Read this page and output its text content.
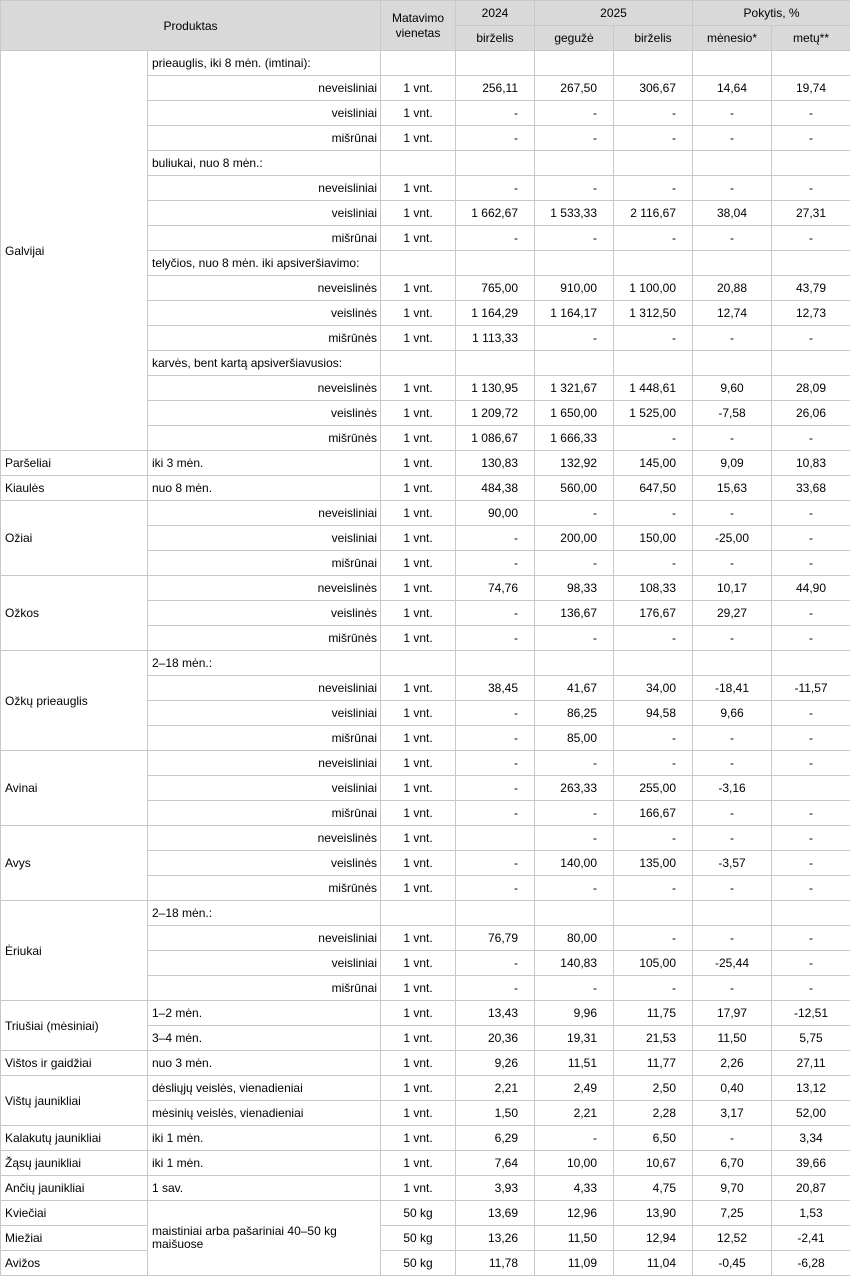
Produktas		Matavimo vienetas	2024	2025		Pokytis, %	
			birželis	gegužė	birželis	mėnesio*	metų**
Galvijai	prieauglis, iki 8 mėn. (imtinai):						
	neveisliniai	1 vnt.	256,11	267,50	306,67	14,64	19,74
	veisliniai	1 vnt.	-	-	-	-	-
	mišrūnai	1 vnt.	-	-	-	-	-
	buliukai, nuo 8 mėn.:						
	neveisliniai	1 vnt.	-	-	-	-	-
	veisliniai	1 vnt.	1 662,67	1 533,33	2 116,67	38,04	27,31
	mišrūnai	1 vnt.	-	-	-	-	-
	telyčios, nuo 8 mėn. iki apsiveršiavimo:						
	neveislinės	1 vnt.	765,00	910,00	1 100,00	20,88	43,79
	veislinės	1 vnt.	1 164,29	1 164,17	1 312,50	12,74	12,73
	mišrūnės	1 vnt.	1 113,33	-	-	-	-
	karvės, bent kartą apsiveršiavusios:						
	neveislinės	1 vnt.	1 130,95	1 321,67	1 448,61	9,60	28,09
	veislinės	1 vnt.	1 209,72	1 650,00	1 525,00	-7,58	26,06
	mišrūnės	1 vnt.	1 086,67	1 666,33	-	-	-
Paršeliai	iki 3 mėn.	1 vnt.	130,83	132,92	145,00	9,09	10,83
Kiaulės	nuo 8 mėn.	1 vnt.	484,38	560,00	647,50	15,63	33,68
Ožiai	neveisliniai	1 vnt.	90,00	-	-	-	-
	veisliniai	1 vnt.	-	200,00	150,00	-25,00	-
	mišrūnai	1 vnt.	-	-	-	-	-
Ožkos	neveislinės	1 vnt.	74,76	98,33	108,33	10,17	44,90
	veislinės	1 vnt.	-	136,67	176,67	29,27	-
	mišrūnės	1 vnt.	-	-	-	-	-
Ožkų prieauglis	2–18 mėn.:						
	neveisliniai	1 vnt.	38,45	41,67	34,00	-18,41	-11,57
	veisliniai	1 vnt.	-	86,25	94,58	9,66	-
	mišrūnai	1 vnt.	-	85,00	-	-	-
Avinai	neveisliniai	1 vnt.	-	-	-	-	-
	veisliniai	1 vnt.	-	263,33	255,00	-3,16	
	mišrūnai	1 vnt.	-	-	166,67	-	-
Avys	neveislinės	1 vnt.		-	-	-	-
	veislinės	1 vnt.	-	140,00	135,00	-3,57	-
	mišrūnės	1 vnt.	-	-	-	-	-
Ėriukai	2–18 mėn.:						
	neveisliniai	1 vnt.	76,79	80,00	-	-	-
	veisliniai	1 vnt.	-	140,83	105,00	-25,44	-
	mišrūnai	1 vnt.	-	-	-	-	-
Triušiai (mėsiniai)	1–2 mėn.	1 vnt.	13,43	9,96	11,75	17,97	-12,51
	3–4 mėn.	1 vnt.	20,36	19,31	21,53	11,50	5,75
Vištos ir gaidžiai	nuo 3 mėn.	1 vnt.	9,26	11,51	11,77	2,26	27,11
Vištų jaunikliai	dėsliųjų veislės, vienadieniai	1 vnt.	2,21	2,49	2,50	0,40	13,12
	mėsinių veislės, vienadieniai	1 vnt.	1,50	2,21	2,28	3,17	52,00
Kalakutų jaunikliai	iki 1 mėn.	1 vnt.	6,29	-	6,50	-	3,34
Žąsų jaunikliai	iki 1 mėn.	1 vnt.	7,64	10,00	10,67	6,70	39,66
Ančių jaunikliai	1 sav.	1 vnt.	3,93	4,33	4,75	9,70	20,87
Kviečiai	maistiniai arba pašariniai 40–50 kg maišuose	50 kg	13,69	12,96	13,90	7,25	1,53
Miežiai		50 kg	13,26	11,50	12,94	12,52	-2,41
Avižos		50 kg	11,78	11,09	11,04	-0,45	-6,28
